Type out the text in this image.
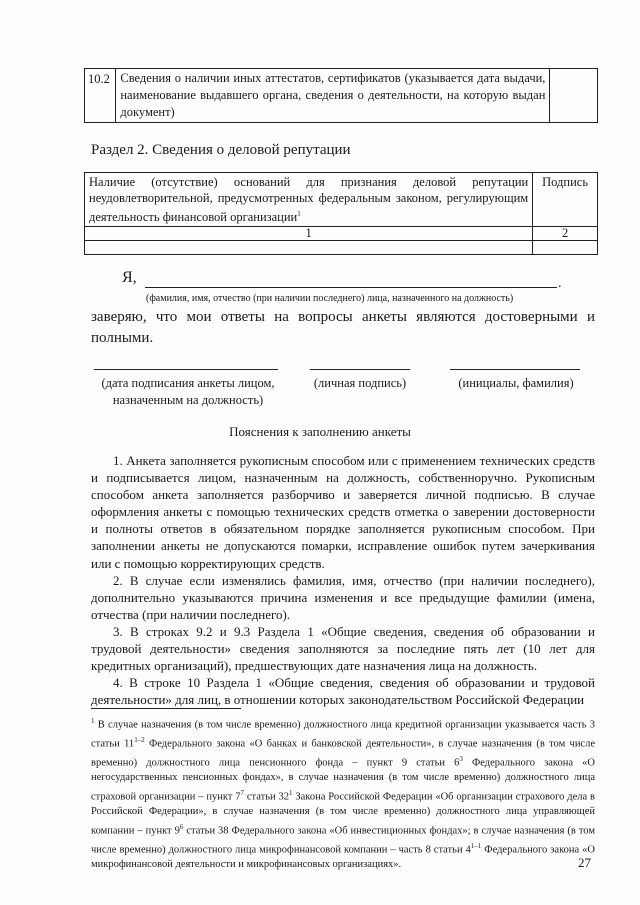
10.2	Сведения о наличии иных аттестатов, сертификатов (указывается дата выдачи, наименование выдавшего органа, сведения о деятельности, на которую выдан документ)	
Раздел 2. Сведения о деловой репутации
Наличие (отсутствие) оснований для признания деловой репутации неудовлетворительной, предусмотренных федеральным законом, регулирующим деятельность финансовой организации$^1$	Подпись
1	2

Я,	.
(фамилия, имя, отчество (при наличии последнего) лица, назначенного на должность)
заверяю, что мои ответы на вопросы анкеты являются достоверными и полными.
(дата подписания анкеты лицом,
назначенным на должность)
(личная подпись)	(инициалы, фамилия)
Пояснения к заполнению анкеты

1. Анкета заполняется рукописным способом или с применением технических средств и подписывается лицом, назначенным на должность, собственноручно. Рукописным способом анкета заполняется разборчиво и заверяется личной подписью. В случае оформления анкеты с помощью технических средств отметка о заверении достоверности и полноты ответов в обязательном порядке заполняется рукописным способом. При заполнении анкеты не допускаются помарки, исправление ошибок путем зачеркивания или с помощью корректирующих средств.

2. В случае если изменялись фамилия, имя, отчество (при наличии последнего), дополнительно указываются причина изменения и все предыдущие фамилии (имена, отчества (при наличии последнего).

3. В строках 9.2 и 9.3 Раздела 1 «Общие сведения, сведения об образовании и трудовой деятельности» сведения заполняются за последние пять лет (10 лет для кредитных организаций), предшествующих дате назначения лица на должность.

4. В строке 10 Раздела 1 «Общие сведения, сведения об образовании и трудовой деятельности» для лиц, в отношении которых законодательством Российской Федерации

$^1$ В случае назначения (в том числе временно) должностного лица кредитной организации указывается часть 3 статьи 11$^{1-2}$ Федерального закона «О банках и банковской деятельности», в случае назначения (в том числе временно) должностного лица пенсионного фонда – пункт 9 статьи $6^3$ Федерального закона «О негосударственных пенсионных фондах», в случае назначения (в том числе временно) должностного лица страховой организации – пункт $7^7$ статьи $32^1$ Закона Российской Федерации «Об организации страхового дела в Российской Федерации», в случае назначения (в том числе временно) должностного лица управляющей компании – пункт $9^6$ статьи 38 Федерального закона «Об инвестиционных фондах»; в случае назначения (в том числе временно) должностного лица микрофинансовой компании – часть 8 статьи 4$^{1-1}$ Федерального закона «О микрофинансовой деятельности и микрофинансовых организациях».	27
